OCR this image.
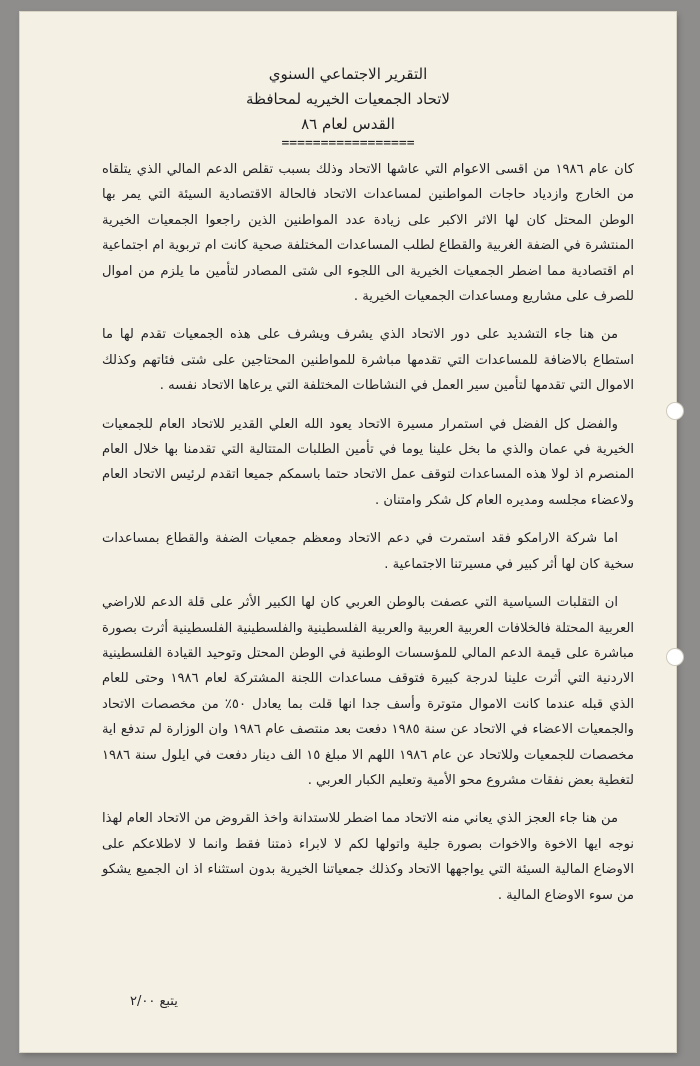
التقرير الاجتماعي السنوي
لاتحاد الجمعيات الخيريه لمحافظة
القدس لعام ٨٦
=================

كان عام ١٩٨٦ من اقسى الاعوام التي عاشها الاتحاد وذلك بسبب تقلص الدعم المالي الذي يتلقاه من الخارج وازدياد حاجات المواطنين لمساعدات الاتحاد فالحالة الاقتصادية السيئة التي يمر بها الوطن المحتل كان لها الاثر الاكبر على زيادة عدد المواطنين الذين راجعوا الجمعيات الخيرية المنتشرة في الضفة الغربية والقطاع لطلب المساعدات المختلفة صحية كانت ام تربوية ام اجتماعية ام اقتصادية مما اضطر الجمعيات الخيرية الى اللجوء الى شتى المصادر لتأمين ما يلزم من اموال للصرف على مشاريع ومساعدات الجمعيات الخيرية .

من هنا جاء التشديد على دور الاتحاد الذي يشرف ويشرف على هذه الجمعيات تقدم لها ما استطاع بالاضافة للمساعدات التي تقدمها مباشرة للمواطنين المحتاجين على شتى فئاتهم وكذلك الاموال التي تقدمها لتأمين سير العمل في النشاطات المختلفة التي يرعاها الاتحاد نفسه .

والفضل كل الفضل في استمرار مسيرة الاتحاد يعود الله العلي القدير للاتحاد العام للجمعيات الخيرية في عمان والذي ما بخل علينا يوما في تأمين الطلبات المتتالية التي تقدمنا بها خلال العام المنصرم اذ لولا هذه المساعدات لتوقف عمل الاتحاد حتما باسمكم جميعا اتقدم لرئيس الاتحاد العام ولاعضاء مجلسه ومديره العام كل شكر وامتنان .

اما شركة الارامكو فقد استمرت في دعم الاتحاد ومعظم جمعيات الضفة والقطاع بمساعدات سخية كان لها أثر كبير في مسيرتنا الاجتماعية .

ان التقلبات السياسية التي عصفت بالوطن العربي كان لها الكبير الأثر على قلة الدعم للاراضي العربية المحتلة فالخلافات العربية العربية والعربية الفلسطينية والفلسطينية الفلسطينية أثرت بصورة مباشرة على قيمة الدعم المالي للمؤسسات الوطنية في الوطن المحتل وتوحيد القيادة الفلسطينية الاردنية التي أثرت علينا لدرجة كبيرة فتوقف مساعدات اللجنة المشتركة لعام ١٩٨٦ وحتى للعام الذي قبله عندما كانت الاموال متوترة وأسف جدا انها قلت بما يعادل ٥٠٪ من مخصصات الاتحاد والجمعيات الاعضاء في الاتحاد عن سنة ١٩٨٥ دفعت بعد منتصف عام ١٩٨٦ وان الوزارة لم تدفع اية مخصصات للجمعيات وللاتحاد عن عام ١٩٨٦ اللهم الا مبلغ ١٥ الف دينار دفعت في ايلول سنة ١٩٨٦ لتغطية بعض نفقات مشروع محو الأمية وتعليم الكبار العربي .

من هنا جاء العجز الذي يعاني منه الاتحاد مما اضطر للاستدانة واخذ القروض من الاتحاد العام لهذا نوجه ايها الاخوة والاخوات بصورة جلية واتولها لكم لا لابراء ذمتنا فقط وانما لا لاطلاعكم على الاوضاع المالية السيئة التي يواجهها الاتحاد وكذلك جمعياتنا الخيرية بدون استثناء اذ ان الجميع يشكو من سوء الاوضاع المالية .

يتبع ٢/٠٠
